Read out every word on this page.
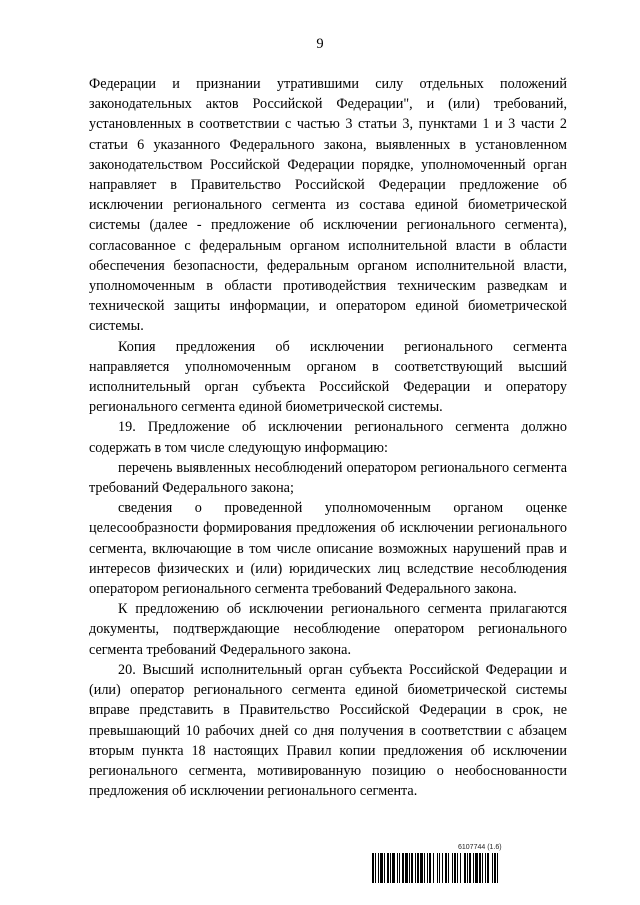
9

Федерации и признании утратившими силу отдельных положений законодательных актов Российской Федерации", и (или) требований, установленных в соответствии с частью 3 статьи 3, пунктами 1 и 3 части 2 статьи 6 указанного Федерального закона, выявленных в установленном законодательством Российской Федерации порядке, уполномоченный орган направляет в Правительство Российской Федерации предложение об исключении регионального сегмента из состава единой биометрической системы (далее - предложение об исключении регионального сегмента), согласованное с федеральным органом исполнительной власти в области обеспечения безопасности, федеральным органом исполнительной власти, уполномоченным в области противодействия техническим разведкам и технической защиты информации, и оператором единой биометрической системы.

Копия предложения об исключении регионального сегмента направляется уполномоченным органом в соответствующий высший исполнительный орган субъекта Российской Федерации и оператору регионального сегмента единой биометрической системы.

19. Предложение об исключении регионального сегмента должно содержать в том числе следующую информацию:

перечень выявленных несоблюдений оператором регионального сегмента требований Федерального закона;

сведения о проведенной уполномоченным органом оценке целесообразности формирования предложения об исключении регионального сегмента, включающие в том числе описание возможных нарушений прав и интересов физических и (или) юридических лиц вследствие несоблюдения оператором регионального сегмента требований Федерального закона.

К предложению об исключении регионального сегмента прилагаются документы, подтверждающие несоблюдение оператором регионального сегмента требований Федерального закона.

20. Высший исполнительный орган субъекта Российской Федерации и (или) оператор регионального сегмента единой биометрической системы вправе представить в Правительство Российской Федерации в срок, не превышающий 10 рабочих дней со дня получения в соответствии с абзацем вторым пункта 18 настоящих Правил копии предложения об исключении регионального сегмента, мотивированную позицию о необоснованности предложения об исключении регионального сегмента.

6107744 (1.6)
